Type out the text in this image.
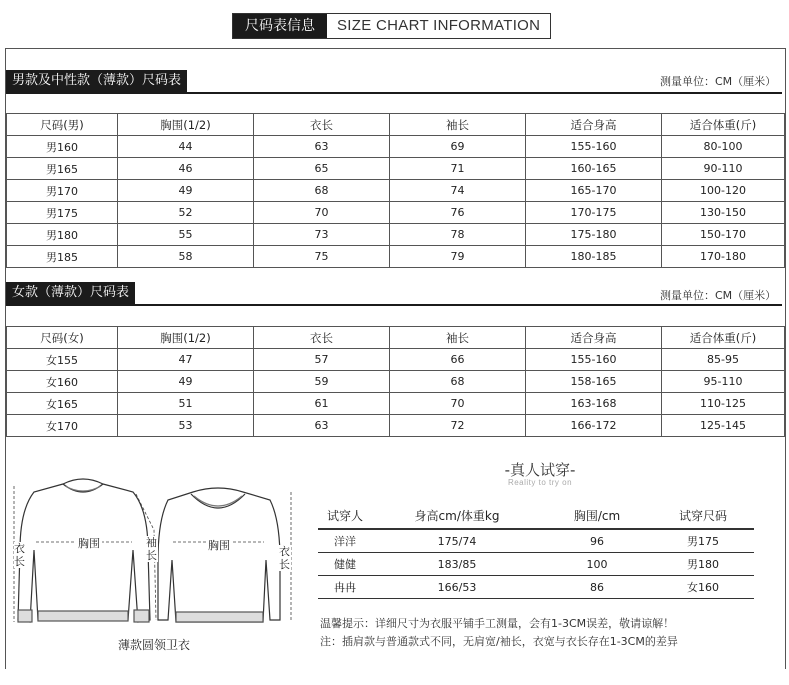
尺码表信息	SIZE CHART INFORMATION
男款及中性款（薄款）尺码表	测量单位：CM（厘米）
尺码(男)	胸围(1/2)	衣长	袖长	适合身高	适合体重(斤)
男160	44	63	69	155-160	80-100
男165	46	65	71	160-165	90-110
男170	49	68	74	165-170	100-120
男175	52	70	76	170-175	130-150
男180	55	73	78	175-180	150-170
男185	58	75	79	180-185	170-180
女款（薄款）尺码表	测量单位：CM（厘米）
尺码(女)	胸围(1/2)	衣长	袖长	适合身高	适合体重(斤)
女155	47	57	66	155-160	85-95
女160	49	59	68	158-165	95-110
女165	51	61	70	163-168	110-125
女170	53	63	72	166-172	125-145
胸围	胸围
衣长
袖长	衣长
薄款圆领卫衣
-真人试穿-
Reality to try on
试穿人	身高cm/体重kg	胸围/cm	试穿尺码
洋洋	175/74	96	男175
健健	183/85	100	男180
冉冉	166/53	86	女160
温馨提示：详细尺寸为衣服平铺手工测量，会有1-3CM误差，敬请谅解！
注：插肩款与普通款式不同，无肩宽/袖长，衣宽与衣长存在1-3CM的差异
